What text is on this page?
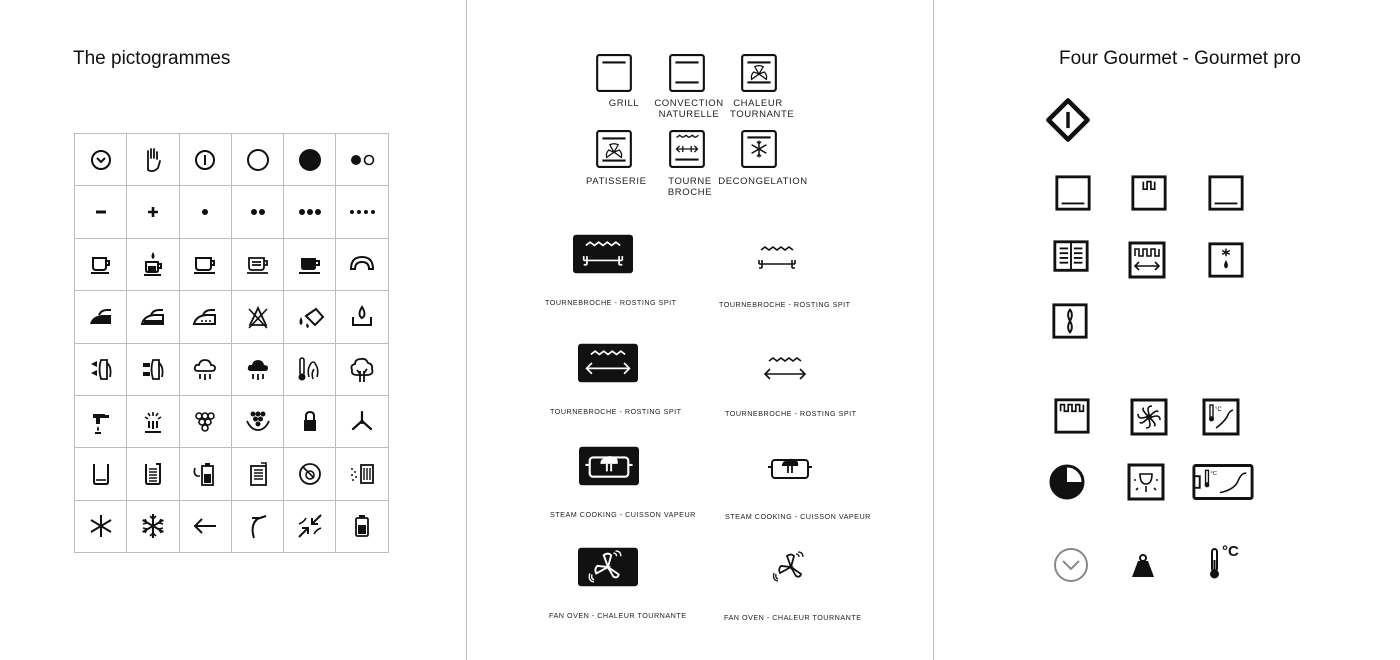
The pictogrammes

GRILL	CONVECTION NATURELLE
CHALEUR TOURNANTE
PATISSERIE	TOURNE BROCHE
DECONGELATION
TOURNEBROCHE - ROSTING SPIT	TOURNEBROCHE - ROSTING SPIT
TOURNEBROCHE - ROSTING SPIT	TOURNEBROCHE - ROSTING SPIT
STEAM COOKING - CUISSON VAPEUR	STEAM COOKING - CUISSON VAPEUR
FAN OVEN - CHALEUR TOURNANTE	FAN OVEN - CHALEUR TOURNANTE
Four Gourmet - Gourmet pro
°C
°C
°C
